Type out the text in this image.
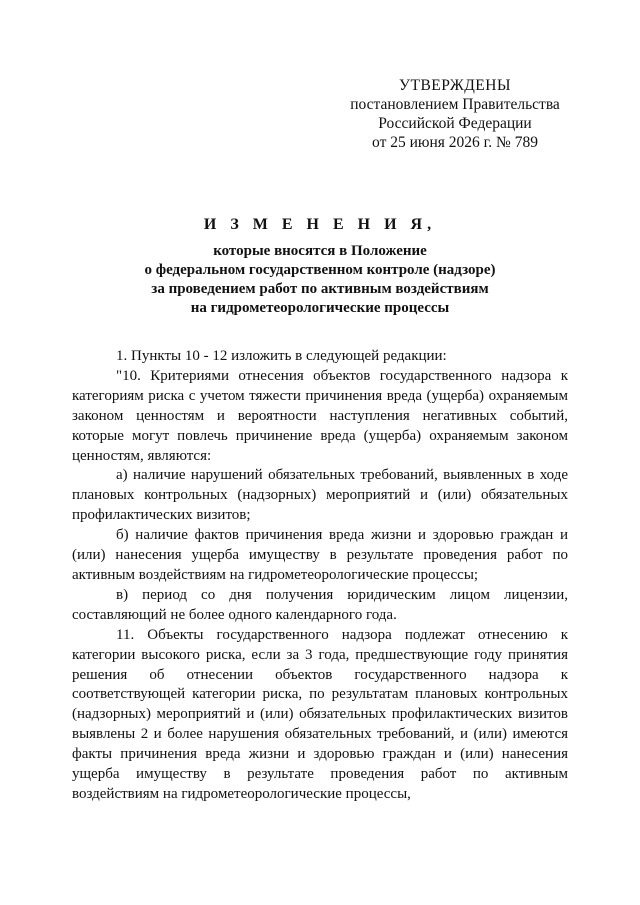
УТВЕРЖДЕНЫ
постановлением Правительства
Российской Федерации
от 25 июня 2026 г. № 789
И З М Е Н Е Н И Я,
которые вносятся в Положение
о федеральном государственном контроле (надзоре)
за проведением работ по активным воздействиям
на гидрометеорологические процессы

1. Пункты 10 - 12 изложить в следующей редакции:

"10. Критериями отнесения объектов государственного надзора к категориям риска с учетом тяжести причинения вреда (ущерба) охраняемым законом ценностям и вероятности наступления негативных событий, которые могут повлечь причинение вреда (ущерба) охраняемым законом ценностям, являются:

а) наличие нарушений обязательных требований, выявленных в ходе плановых контрольных (надзорных) мероприятий и (или) обязательных профилактических визитов;

б) наличие фактов причинения вреда жизни и здоровью граждан и (или) нанесения ущерба имуществу в результате проведения работ по активным воздействиям на гидрометеорологические процессы;

в) период со дня получения юридическим лицом лицензии, составляющий не более одного календарного года.

11. Объекты государственного надзора подлежат отнесению к категории высокого риска, если за 3 года, предшествующие году принятия решения об отнесении объектов государственного надзора к соответствующей категории риска, по результатам плановых контрольных (надзорных) мероприятий и (или) обязательных профилактических визитов выявлены 2 и более нарушения обязательных требований, и (или) имеются факты причинения вреда жизни и здоровью граждан и (или) нанесения ущерба имуществу в результате проведения работ по активным воздействиям на гидрометеорологические процессы,
